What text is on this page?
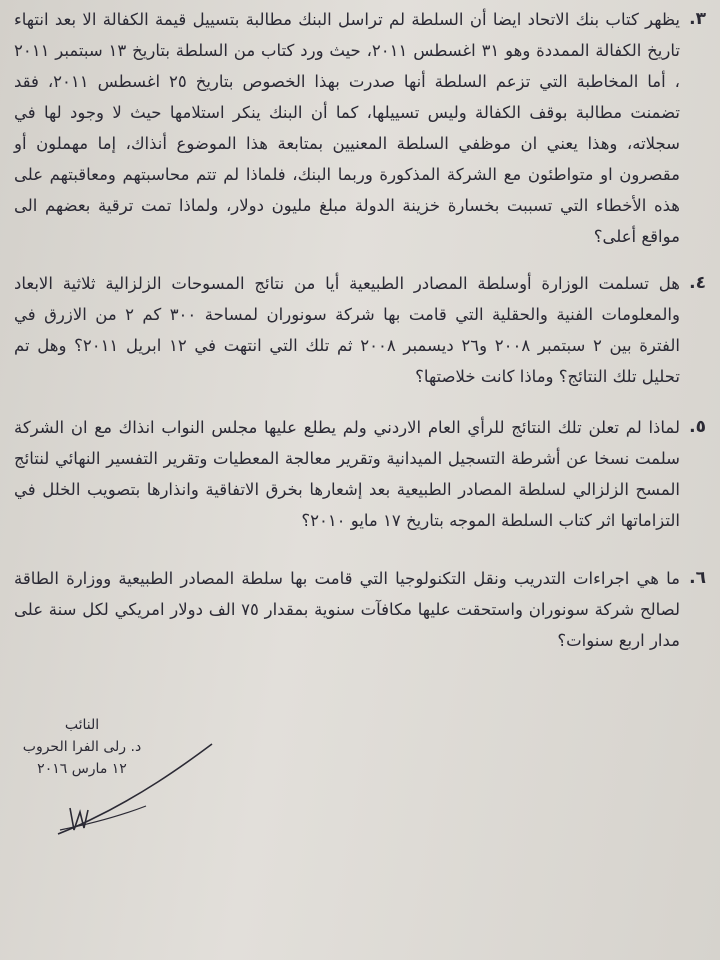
٣.
يظهر كتاب بنك الاتحاد ايضا أن السلطة لم تراسل البنك مطالبة بتسييل قيمة الكفالة الا بعد انتهاء تاريخ الكفالة الممددة وهو ٣١ اغسطس ٢٠١١، حيث ورد كتاب من السلطة بتاريخ ١٣ سبتمبر ٢٠١١ ، أما المخاطبة التي تزعم السلطة أنها صدرت بهذا الخصوص بتاريخ ٢٥ اغسطس ٢٠١١، فقد تضمنت مطالبة بوقف الكفالة وليس تسييلها، كما أن البنك ينكر استلامها حيث لا وجود لها في سجلاته، وهذا يعني ان موظفي السلطة المعنيين بمتابعة هذا الموضوع أنذاك، إما مهملون أو مقصرون او متواطئون مع الشركة المذكورة وربما البنك، فلماذا لم تتم محاسبتهم ومعاقبتهم على هذه الأخطاء التي تسببت بخسارة خزينة الدولة مبلغ مليون دولار، ولماذا تمت ترقية بعضهم الى مواقع أعلى؟
٤.
هل تسلمت الوزارة أوسلطة المصادر الطبيعية أيا من نتائج المسوحات الزلزالية ثلاثية الابعاد والمعلومات الفنية والحقلية التي قامت بها شركة سونوران لمساحة ٣٠٠ كم ٢ من الازرق في الفترة بين ٢ سبتمبر ٢٠٠٨ و٢٦ ديسمبر ٢٠٠٨ ثم تلك التي انتهت في ١٢ ابريل ٢٠١١؟ وهل تم تحليل تلك النتائج؟ وماذا كانت خلاصتها؟
٥.
لماذا لم تعلن تلك النتائج للرأي العام الاردني ولم يطلع عليها مجلس النواب انذاك مع ان الشركة سلمت نسخا عن أشرطة التسجيل الميدانية وتقرير معالجة المعطيات وتقرير التفسير النهائي لنتائج المسح الزلزالي لسلطة المصادر الطبيعية بعد إشعارها بخرق الاتفاقية وانذارها بتصويب الخلل في التزاماتها اثر كتاب السلطة الموجه بتاريخ ١٧ مايو ٢٠١٠؟
٦.
ما هي اجراءات التدريب ونقل التكنولوجيا التي قامت بها سلطة المصادر الطبيعية ووزارة الطاقة لصالح شركة سونوران واستحقت عليها مكافآت سنوية بمقدار ٧٥ الف دولار امريكي لكل سنة على مدار اربع سنوات؟
النائب
د. رلى الفرا الحروب
١٢ مارس ٢٠١٦
